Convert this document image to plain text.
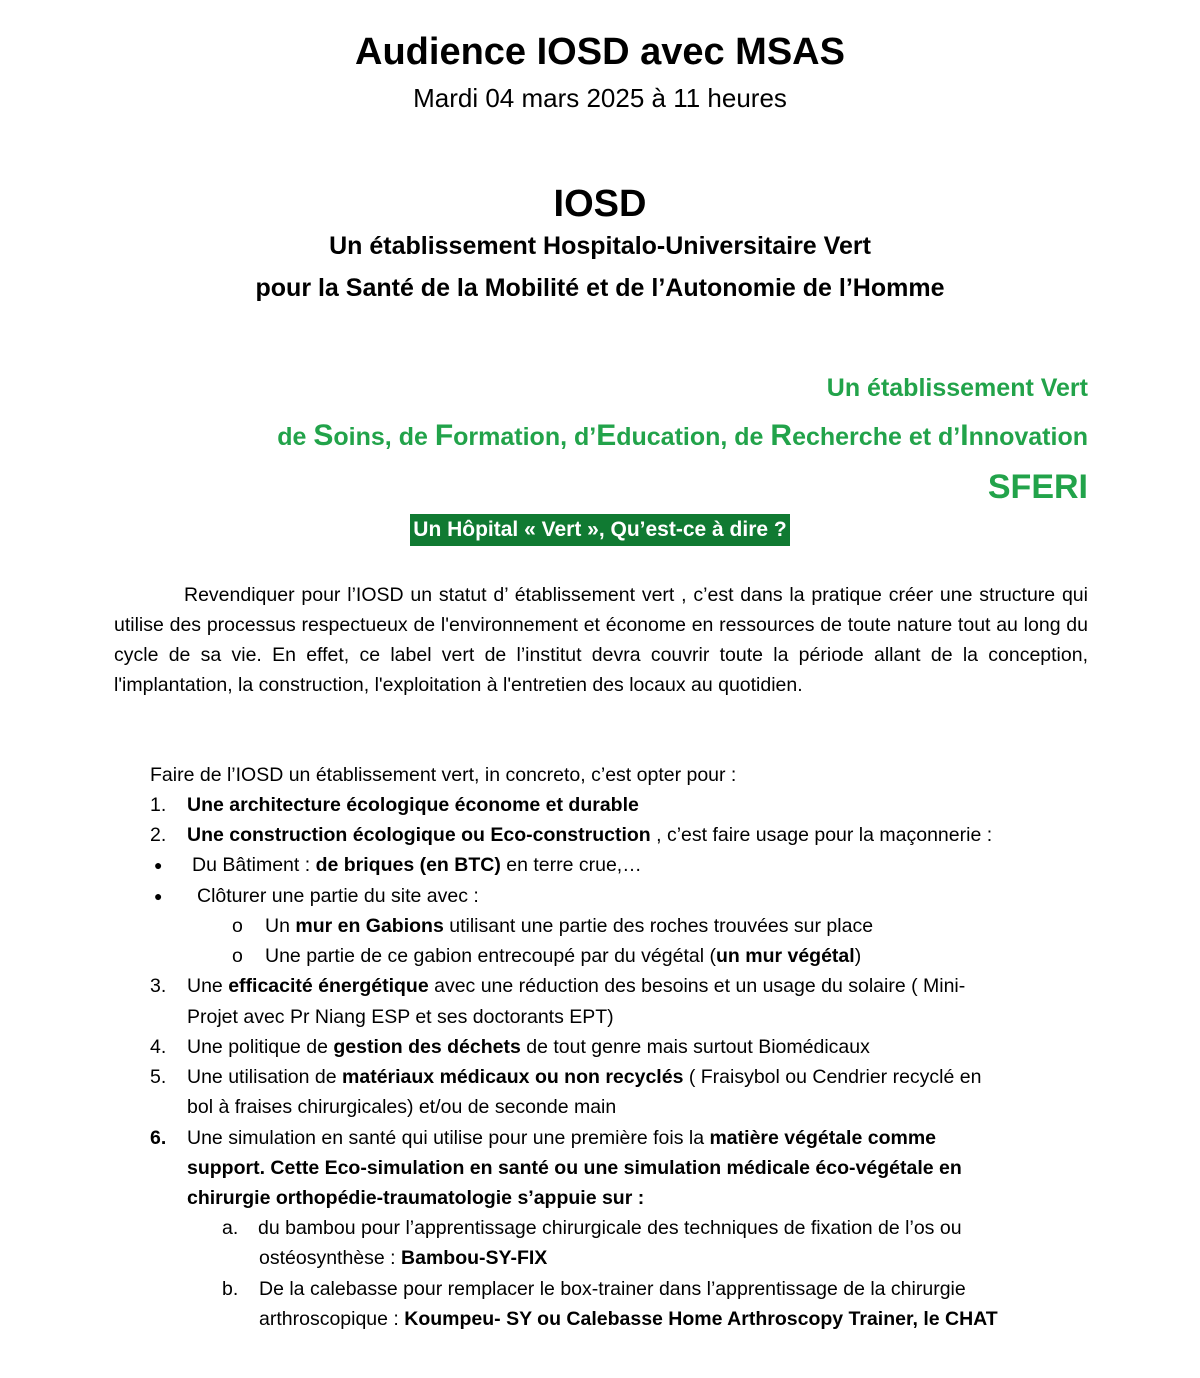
Audience IOSD avec MSAS
Mardi 04 mars 2025 à 11 heures
IOSD
Un établissement Hospitalo-Universitaire Vert
pour la Santé de la Mobilité et de l’Autonomie de l’Homme
Un établissement Vert
de Soins, de Formation, d’Education, de Recherche et d’Innovation
SFERI
Un Hôpital « Vert », Qu’est-ce à dire ?
Revendiquer pour l’IOSD un statut d’ établissement vert , c’est dans la pratique créer une structure qui utilise des processus respectueux de l'environnement et économe en ressources de toute nature tout au long du cycle de sa vie. En effet, ce label vert de l’institut devra couvrir toute la période allant de la conception, l'implantation, la construction, l'exploitation à l'entretien des locaux au quotidien.
Faire de l’IOSD un établissement vert, in concreto, c’est opter pour :
1. Une architecture écologique économe et durable
2. Une construction écologique ou Eco-construction , c’est faire usage pour la maçonnerie :
● Du Bâtiment : de briques (en BTC) en terre crue,…
● Clôturer une partie du site avec :
o Un mur en Gabions utilisant une partie des roches trouvées sur place
o Une partie de ce gabion entrecoupé par du végétal (un mur végétal)
3. Une efficacité énergétique avec une réduction des besoins et un usage du solaire ( Mini-
Projet avec Pr Niang ESP et ses doctorants EPT)
4. Une politique de gestion des déchets de tout genre mais surtout Biomédicaux
5. Une utilisation de matériaux médicaux ou non recyclés ( Fraisybol ou Cendrier recyclé en
bol à fraises chirurgicales) et/ou de seconde main
6. Une simulation en santé qui utilise pour une première fois la matière végétale comme
support. Cette Eco-simulation en santé ou une simulation médicale éco-végétale en
chirurgie orthopédie-traumatologie s’appuie sur :
a. du bambou pour l’apprentissage chirurgicale des techniques de fixation de l’os ou
ostéosynthèse : Bambou-SY-FIX
b. De la calebasse pour remplacer le box-trainer dans l’apprentissage de la chirurgie
arthroscopique : Koumpeu- SY ou Calebasse Home Arthroscopy Trainer, le CHAT
